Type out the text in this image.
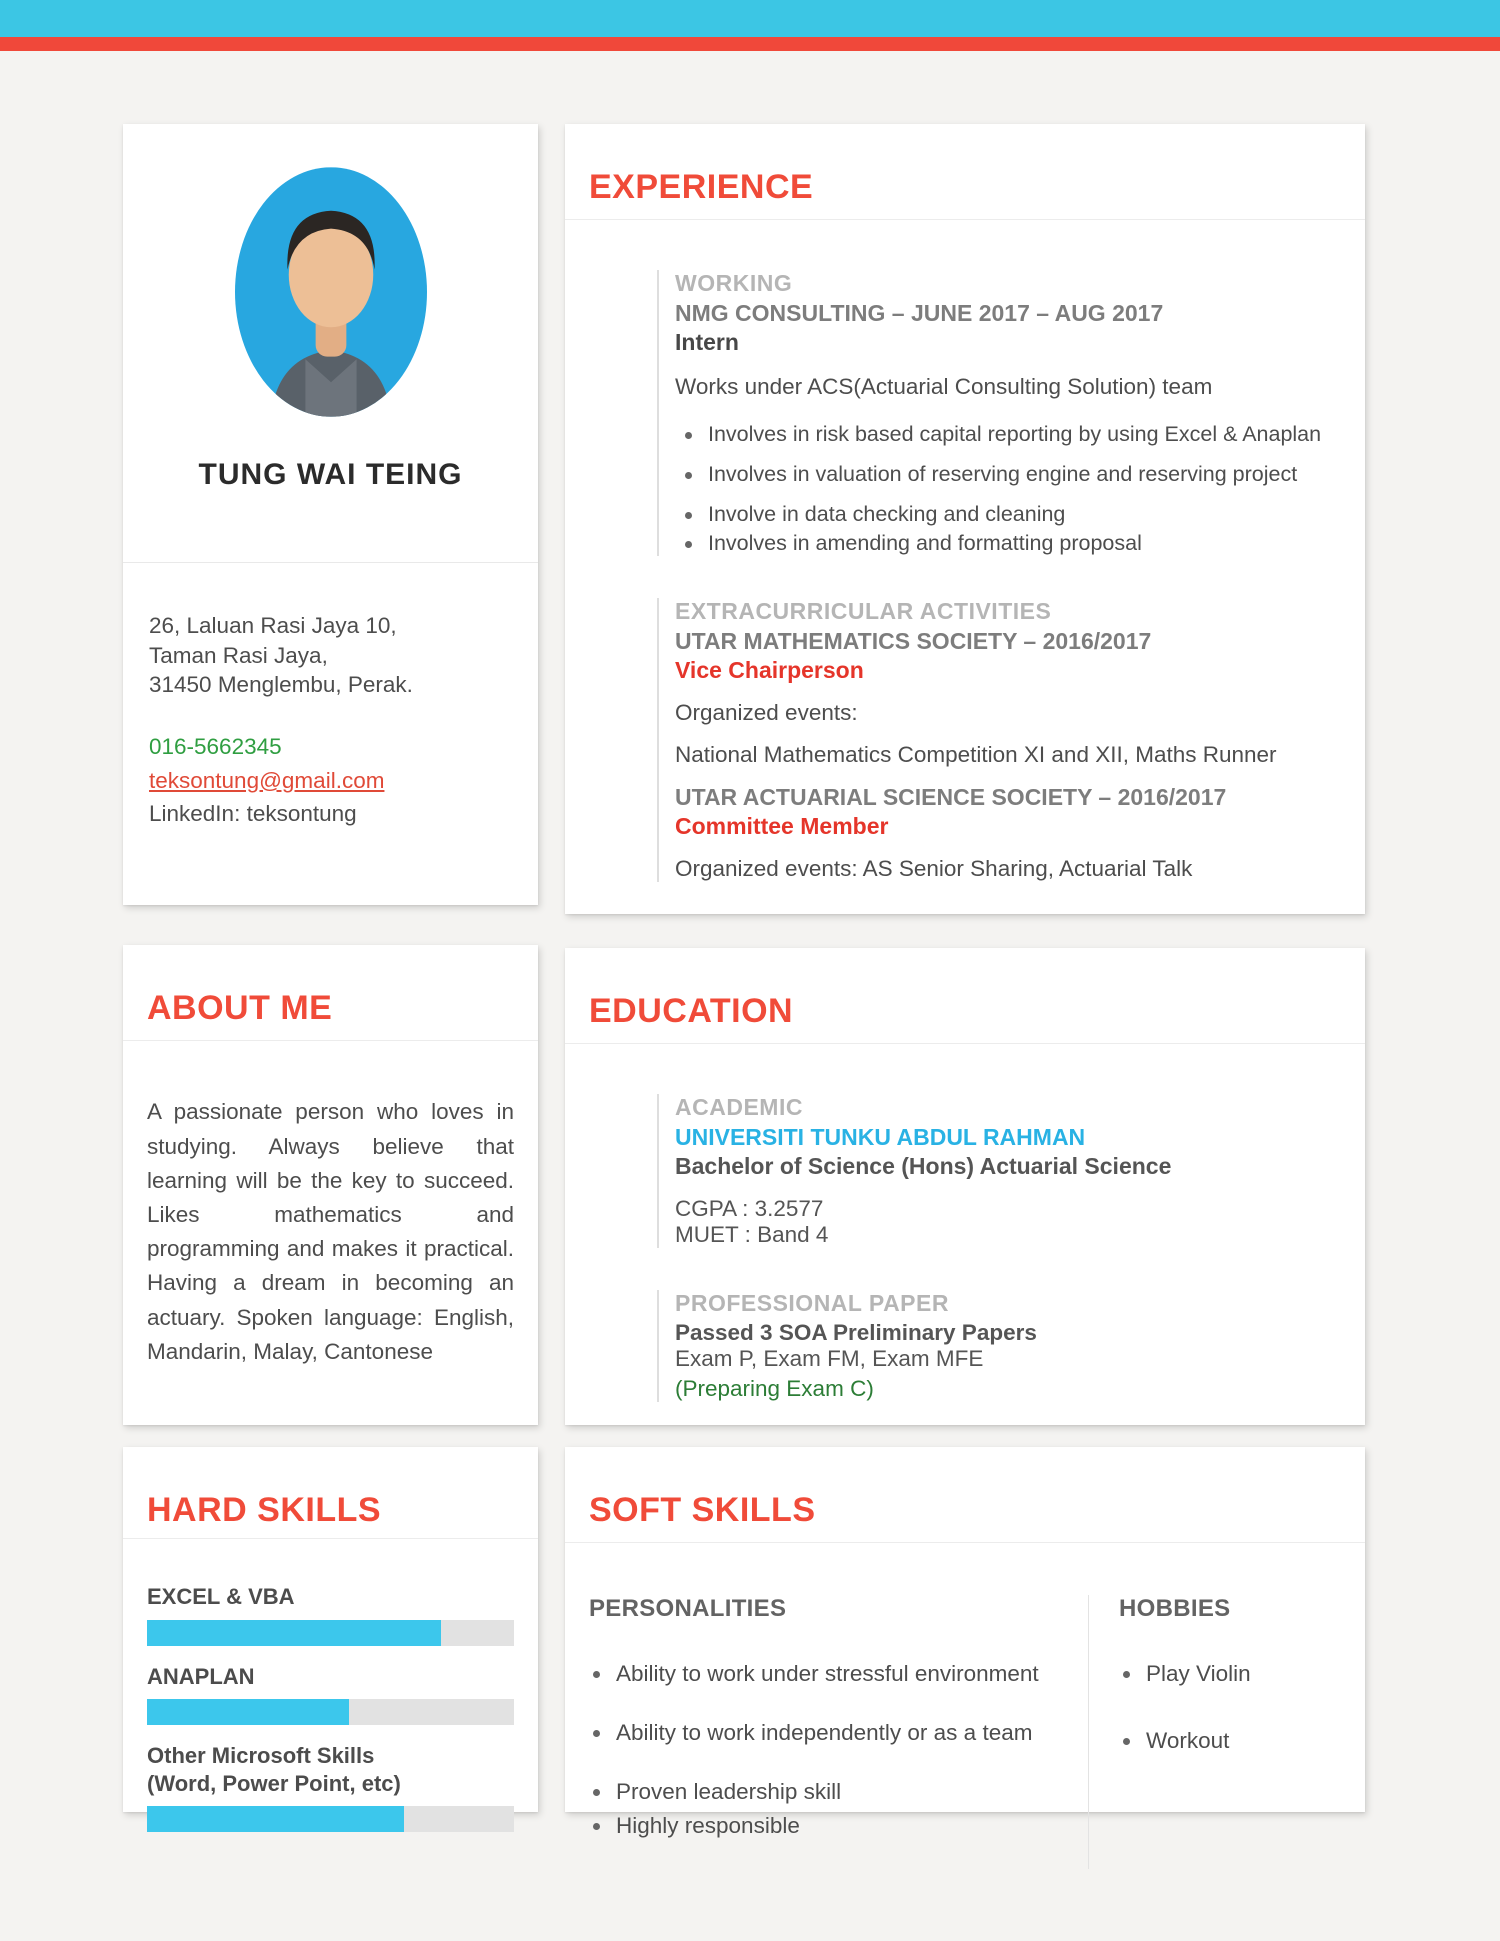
TUNG WAI TEING

26, Laluan Rasi Jaya 10,
Taman Rasi Jaya,
31450 Menglembu, Perak.

016-5662345

teksontung@gmail.com

LinkedIn: teksontung

ABOUT ME

A passionate person who loves in studying. Always believe that learning will be the key to succeed. Likes mathematics and programming and makes it practical. Having a dream in becoming an actuary. Spoken language: English, Mandarin, Malay, Cantonese

HARD SKILLS
EXCEL & VBA
ANAPLAN
Other Microsoft Skills
(Word, Power Point, etc)
EXPERIENCE
WORKING
NMG CONSULTING – JUNE 2017 – AUG 2017
Intern

Works under ACS(Actuarial Consulting Solution) team

Involves in risk based capital reporting by using Excel & Anaplan
Involves in valuation of reserving engine and reserving project
Involve in data checking and cleaning
Involves in amending and formatting proposal
EXTRACURRICULAR ACTIVITIES
UTAR MATHEMATICS SOCIETY – 2016/2017
Vice Chairperson

Organized events:

National Mathematics Competition XI and XII, Maths Runner

UTAR ACTUARIAL SCIENCE SOCIETY – 2016/2017
Committee Member

Organized events: AS Senior Sharing, Actuarial Talk

EDUCATION
ACADEMIC
UNIVERSITI TUNKU ABDUL RAHMAN
Bachelor of Science (Hons) Actuarial Science

CGPA : 3.2577

MUET : Band 4

PROFESSIONAL PAPER
Passed 3 SOA Preliminary Papers

Exam P, Exam FM, Exam MFE

(Preparing Exam C)

SOFT SKILLS
PERSONALITIES
Ability to work under stressful environment
Ability to work independently or as a team
Proven leadership skill
Highly responsible
HOBBIES
Play Violin
Workout
